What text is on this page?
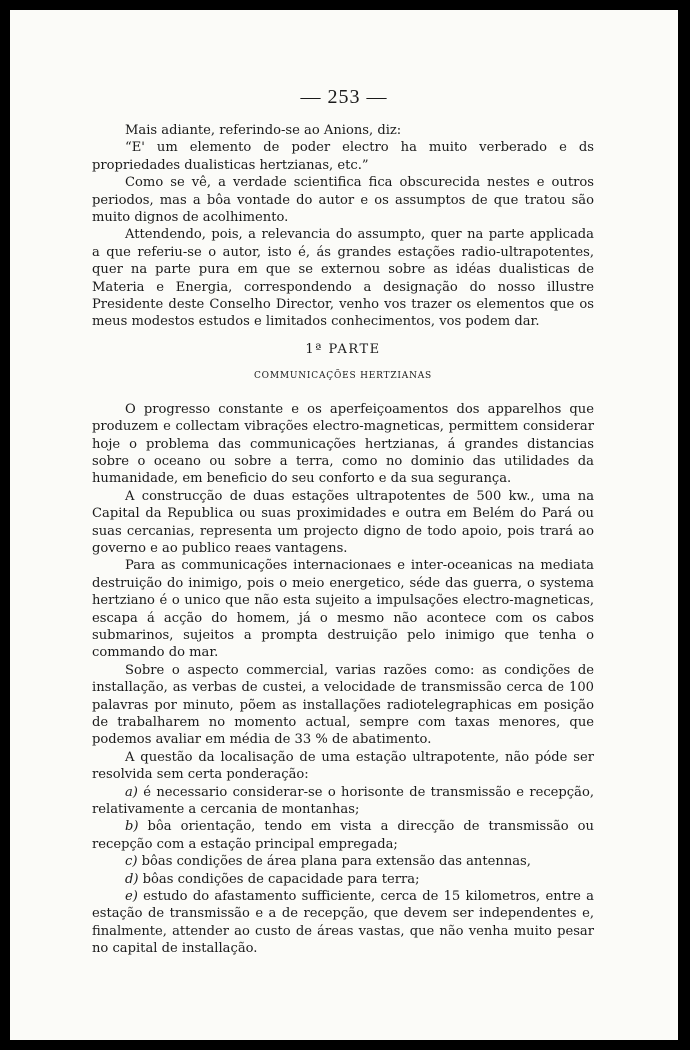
— 253 —

Mais adiante, referindo-se ao Anions, diz:

“E' um elemento de poder electro ha muito verberado e ds propriedades dualisticas hertzianas, etc.”

Como se vê, a verdade scientifica fica obscurecida nestes e outros periodos, mas a bôa vontade do autor e os assumptos de que tratou são muito dignos de acolhimento.

Attendendo, pois, a relevancia do assumpto, quer na parte applicada a que referiu-se o autor, isto é, ás grandes estações radio-ultrapotentes, quer na parte pura em que se externou sobre as idéas dualisticas de Materia e Energia, correspondendo a designação do nosso illustre Presidente deste Conselho Director, venho vos trazer os elementos que os meus modestos estudos e limitados conhecimentos, vos podem dar.

1ª PARTE
COMMUNICAÇÕES HERTZIANAS

O progresso constante e os aperfeiçoamentos dos apparelhos que produzem e collectam vibrações electro-magneticas, permittem considerar hoje o problema das communicações hertzianas, á grandes distancias sobre o oceano ou sobre a terra, como no dominio das utilidades da humanidade, em beneficio do seu conforto e da sua segurança.

A construcção de duas estações ultrapotentes de 500 kw., uma na Capital da Republica ou suas proximidades e outra em Belém do Pará ou suas cercanias, representa um projecto digno de todo apoio, pois trará ao governo e ao publico reaes vantagens.

Para as communicações internacionaes e inter-oceanicas na mediata destruição do inimigo, pois o meio energetico, séde das guerra, o systema hertziano é o unico que não esta sujeito a impulsações electro-magneticas, escapa á acção do homem, já o mesmo não acontece com os cabos submarinos, sujeitos a prompta destruição pelo inimigo que tenha o commando do mar.

Sobre o aspecto commercial, varias razões como: as condições de installação, as verbas de custei, a velocidade de transmissão cerca de 100 palavras por minuto, põem as installações radiotelegraphicas em posição de trabalharem no momento actual, sempre com taxas menores, que podemos avaliar em média de 33 % de abatimento.

A questão da localisação de uma estação ultrapotente, não póde ser resolvida sem certa ponderação:

a) é necessario considerar-se o horisonte de transmissão e recepção, relativamente a cercania de montanhas;

b) bôa orientação, tendo em vista a direcção de transmissão ou recepção com a estação principal empregada;

c) bôas condições de área plana para extensão das antennas,

d) bôas condições de capacidade para terra;

e) estudo do afastamento sufficiente, cerca de 15 kilometros, entre a estação de transmissão e a de recepção, que devem ser independentes e, finalmente, attender ao custo de áreas vastas, que não venha muito pesar no capital de installação.
